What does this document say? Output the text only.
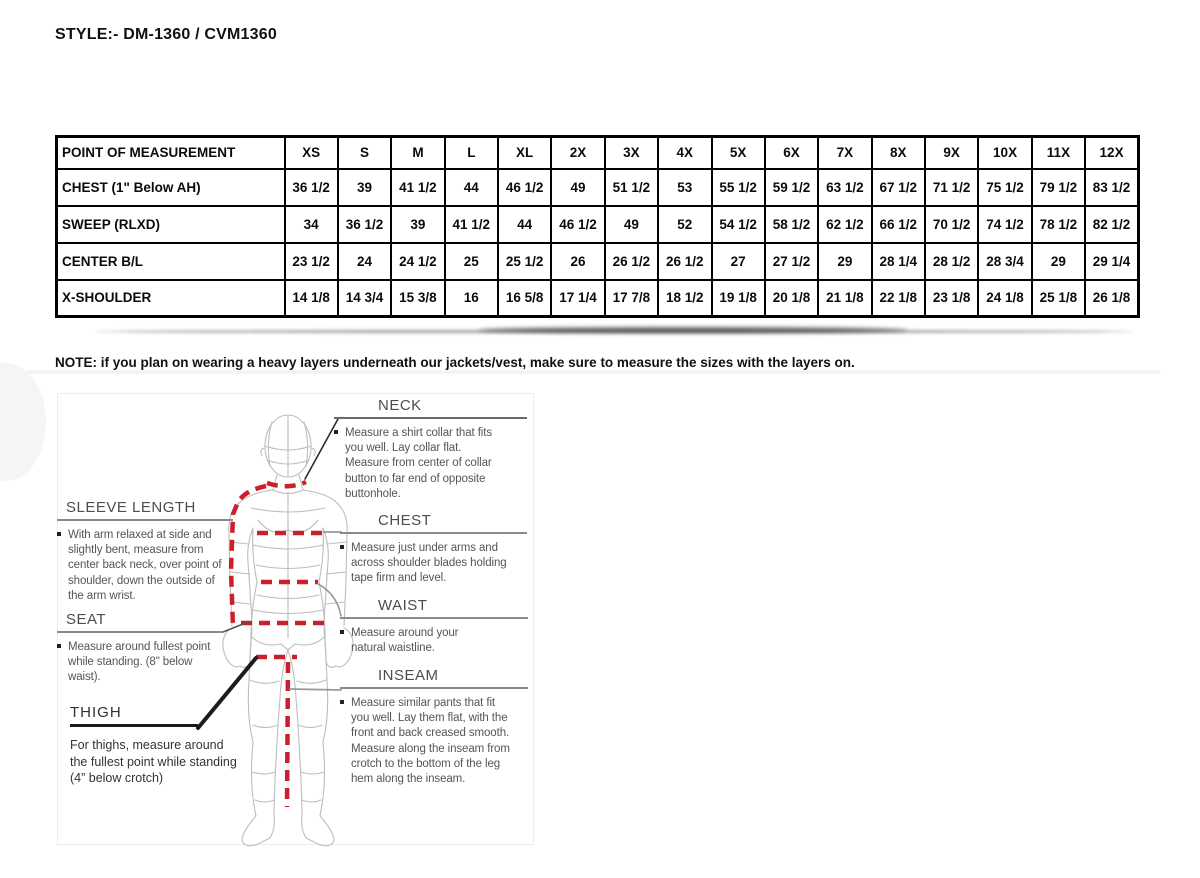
STYLE:- DM-1360 / CVM1360
POINT OF MEASUREMENT	XS	S	M	L	XL	2X	3X	4X	5X	6X	7X	8X	9X	10X	11X	12X
CHEST (1" Below AH)	36 1/2	39	41 1/2	44	46 1/2	49	51 1/2	53	55 1/2	59 1/2	63 1/2	67 1/2	71 1/2	75 1/2	79 1/2	83 1/2
SWEEP (RLXD)	34	36 1/2	39	41 1/2	44	46 1/2	49	52	54 1/2	58 1/2	62 1/2	66 1/2	70 1/2	74 1/2	78 1/2	82 1/2
CENTER B/L	23 1/2	24	24 1/2	25	25 1/2	26	26 1/2	26 1/2	27	27 1/2	29	28 1/4	28 1/2	28 3/4	29	29 1/4
X-SHOULDER	14 1/8	14 3/4	15 3/8	16	16 5/8	17 1/4	17 7/8	18 1/2	19 1/8	20 1/8	21 1/8	22 1/8	23 1/8	24 1/8	25 1/8	26 1/8
NOTE: if you plan on wearing a heavy layers underneath our jackets/vest, make sure to measure the sizes with the layers on.
NECK
Measure a shirt collar that fits you well. Lay collar flat. Measure from center of collar button to far end of opposite buttonhole.
CHEST
Measure just under arms and across shoulder blades holding tape firm and level.
WAIST
Measure around your natural waistline.
INSEAM
Measure similar pants that fit you well. Lay them flat, with the front and back creased smooth. Measure along the inseam from crotch to the bottom of the leg hem along the inseam.
SLEEVE LENGTH
With arm relaxed at side and slightly bent, measure from center back neck, over point of shoulder, down the outside of the arm wrist.
SEAT
Measure around fullest point while standing. (8" below waist).
THIGH
For thighs, measure around the fullest point while standing (4” below crotch)
